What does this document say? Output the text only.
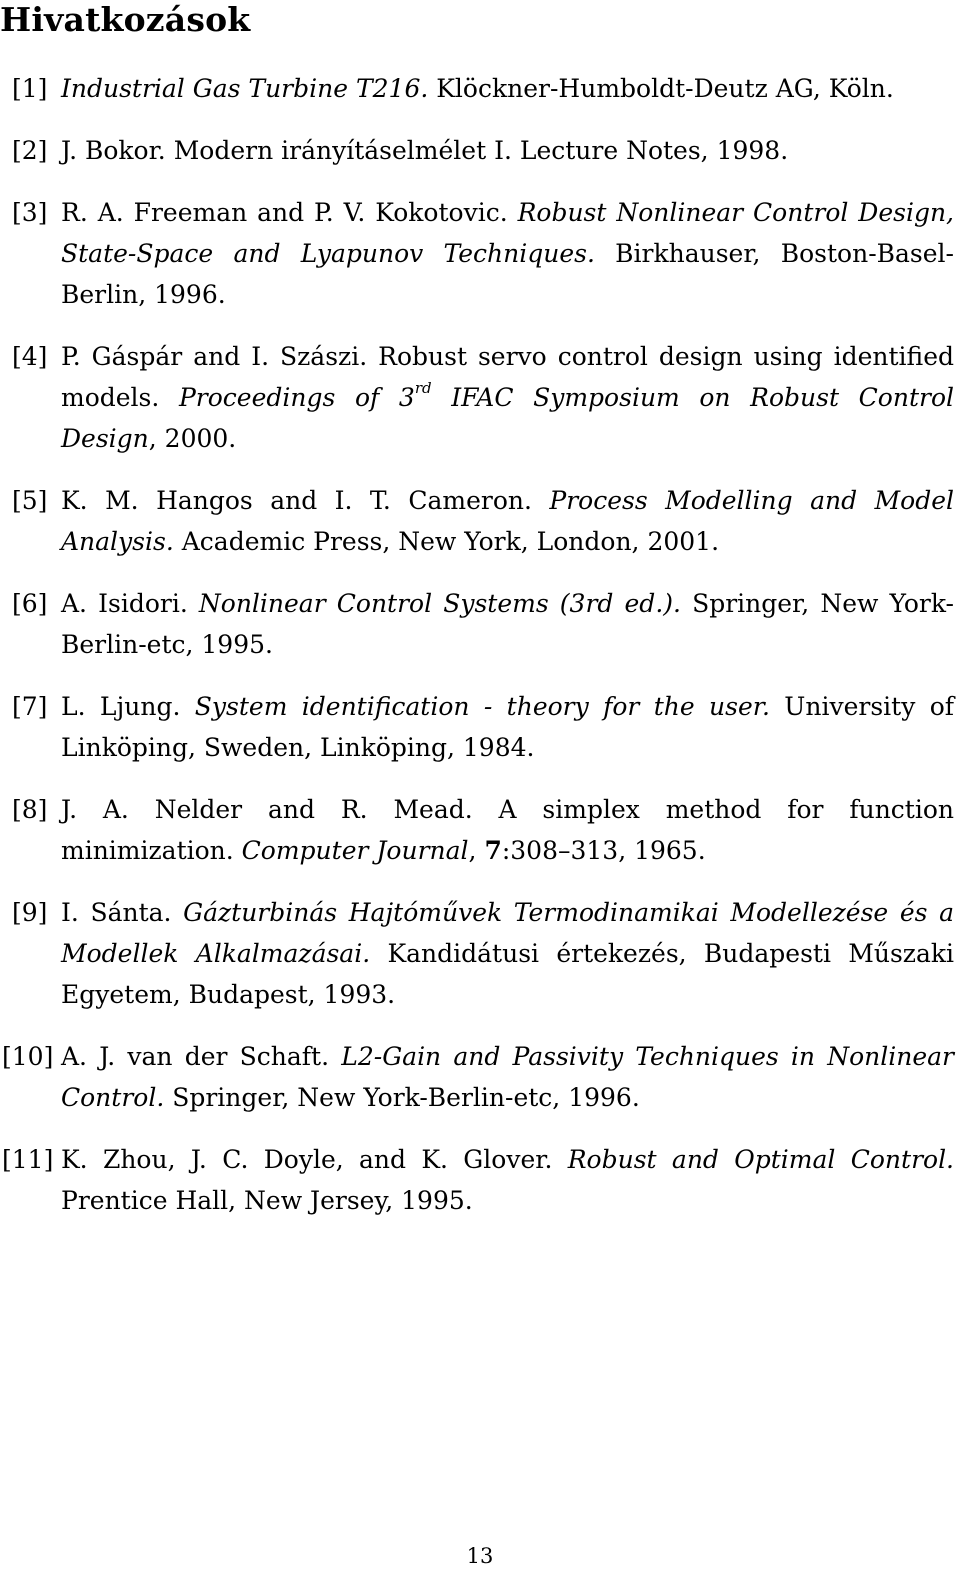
Hivatkozások
[1] Industrial Gas Turbine T216. Klöckner-Humboldt-Deutz AG, Köln.
[2] J. Bokor. Modern irányításelmélet I. Lecture Notes, 1998.
[3] R. A. Freeman and P. V. Kokotovic. Robust Nonlinear Control Design, State-Space and Lyapunov Techniques. Birkhauser, Boston-Basel-Berlin, 1996.
[4] P. Gáspár and I. Szászi. Robust servo control design using identified models. Proceedings of 3rd IFAC Symposium on Robust Control Design, 2000.
[5] K. M. Hangos and I. T. Cameron. Process Modelling and Model Analysis. Academic Press, New York, London, 2001.
[6] A. Isidori. Nonlinear Control Systems (3rd ed.). Springer, New York-Berlin-etc, 1995.
[7] L. Ljung. System identification - theory for the user. University of Linköping, Sweden, Linköping, 1984.
[8] J. A. Nelder and R. Mead. A simplex method for function minimization. Computer Journal, 7:308–313, 1965.
[9] I. Sánta. Gázturbinás Hajtóművek Termodinamikai Modellezése és a Modellek Alkalmazásai. Kandidátusi értekezés, Budapesti Műszaki Egyetem, Budapest, 1993.
[10] A. J. van der Schaft. L2-Gain and Passivity Techniques in Nonlinear Control. Springer, New York-Berlin-etc, 1996.
[11] K. Zhou, J. C. Doyle, and K. Glover. Robust and Optimal Control. Prentice Hall, New Jersey, 1995.
13
